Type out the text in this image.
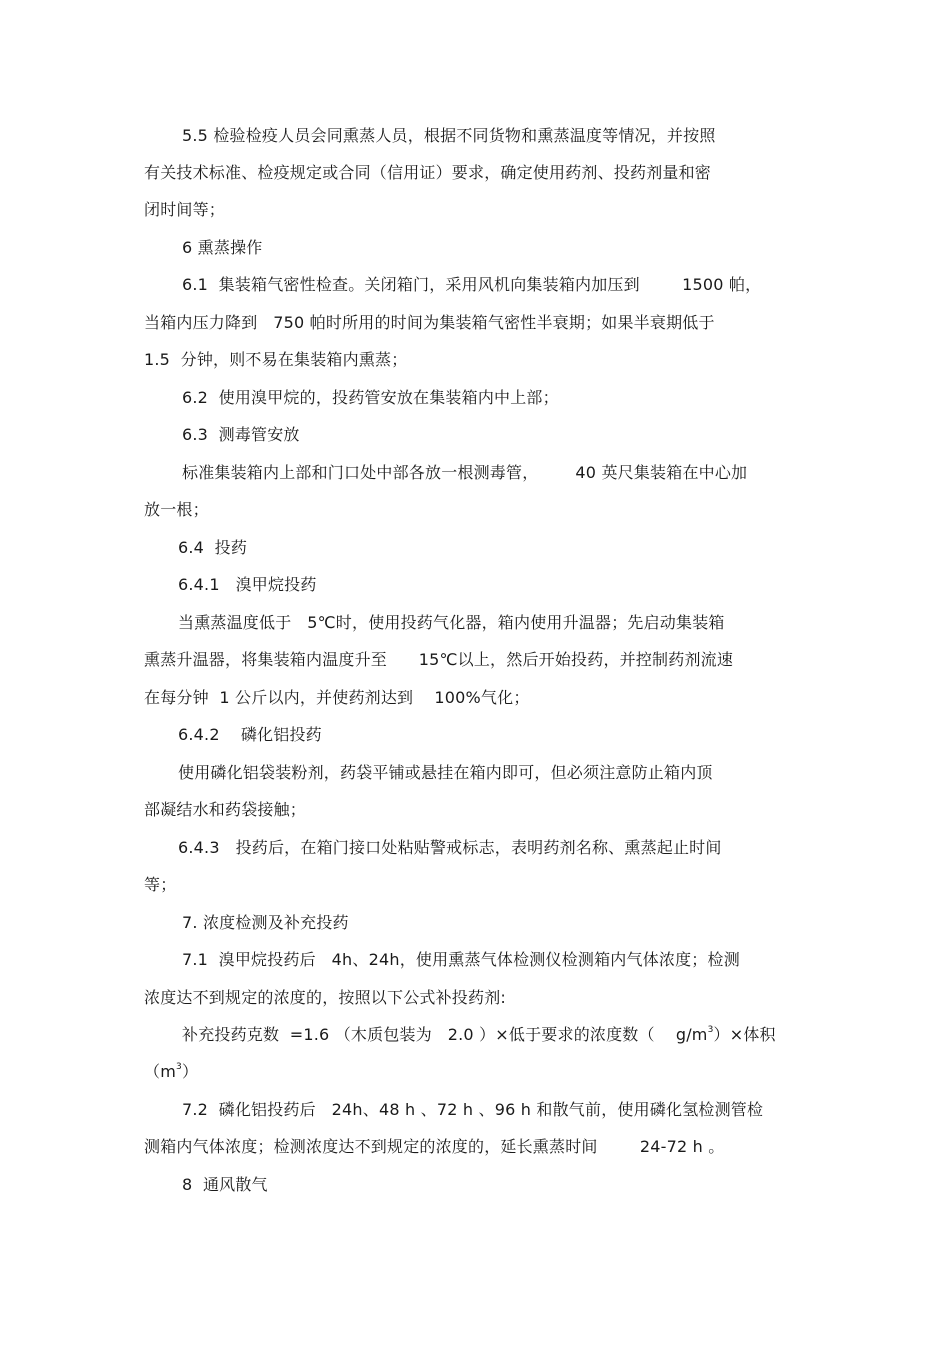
5.5 检验检疫人员会同熏蒸人员，根据不同货物和熏蒸温度等情况，并按照
有关技术标准、检疫规定或合同（信用证）要求，确定使用药剂、投药剂量和密
闭时间等；
6 熏蒸操作
6.1  集装箱气密性检查。关闭箱门，采用风机向集装箱内加压到        1500 帕，
当箱内压力降到   750 帕时所用的时间为集装箱气密性半衰期；如果半衰期低于
1.5  分钟，则不易在集装箱内熏蒸；
6.2  使用溴甲烷的，投药管安放在集装箱内中上部；
6.3  测毒管安放
标准集装箱内上部和门口处中部各放一根测毒管，       40 英尺集装箱在中心加
放一根；
6.4  投药
6.4.1   溴甲烷投药
当熏蒸温度低于   5℃时，使用投药气化器，箱内使用升温器；先启动集装箱
熏蒸升温器，将集装箱内温度升至      15℃以上，然后开始投药，并控制药剂流速
在每分钟  1 公斤以内，并使药剂达到    100%气化；
6.4.2    磷化铝投药
使用磷化铝袋装粉剂，药袋平铺或悬挂在箱内即可，但必须注意防止箱内顶
部凝结水和药袋接触；
6.4.3   投药后，在箱门接口处粘贴警戒标志，表明药剂名称、熏蒸起止时间
等；
7. 浓度检测及补充投药
7.1  溴甲烷投药后   4h、24h，使用熏蒸气体检测仪检测箱内气体浓度；检测
浓度达不到规定的浓度的，按照以下公式补投药剂:
补充投药克数  =1.6 （木质包装为   2.0 ）×低于要求的浓度数（    $g/m^3)\times$体积
$(m^3)$
7.2  磷化铝投药后   24h、48 h 、72 h 、96 h 和散气前，使用磷化氢检测管检
测箱内气体浓度；检测浓度达不到规定的浓度的，延长熏蒸时间        24-72 h 。
8  通风散气
